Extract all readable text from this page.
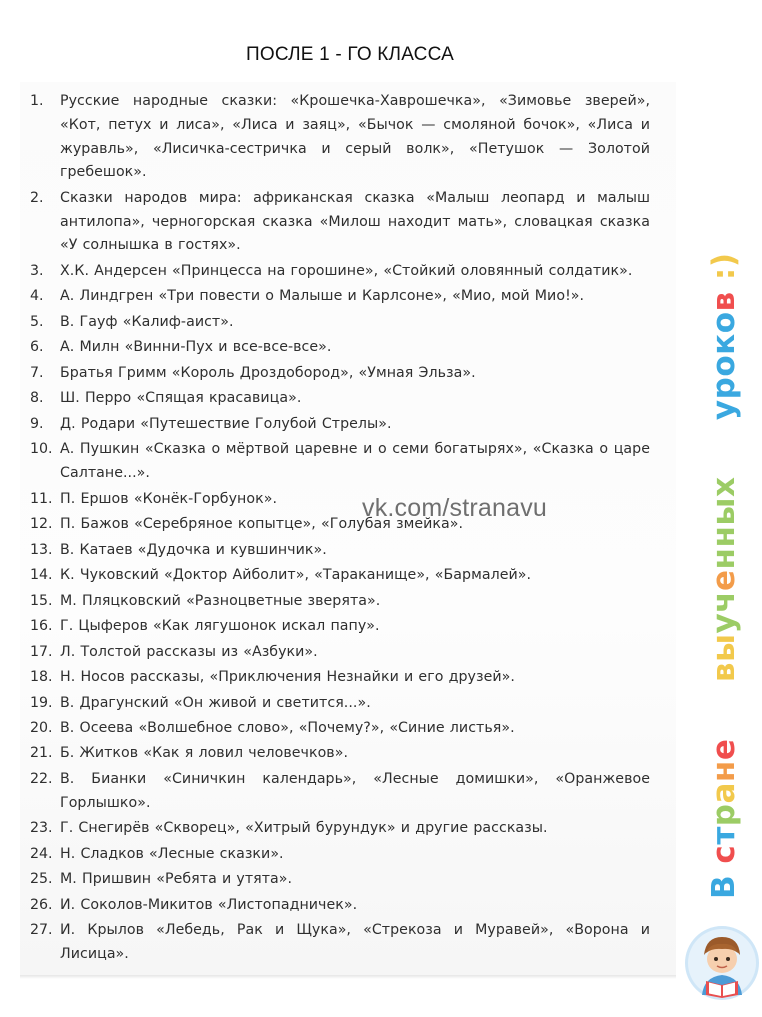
ПОСЛЕ 1 - ГО КЛАССА
1.	Русские народные сказки: «Крошечка-Хаврошечка», «Зимовье зверей», «Кот, петух и лиса», «Лиса и заяц», «Бычок — смоляной бочок», «Лиса и журавль», «Лисичка-сестричка и серый волк», «Петушок — Золотой гребешок».
2.	Сказки народов мира: африканская сказка «Малыш леопард и малыш антилопа», черногорская сказка «Милош находит мать», словацкая сказка «У солнышка в гостях».
3.	Х.К. Андерсен «Принцесса на горошине», «Стойкий оловянный солдатик».
4.	А. Линдгрен «Три повести о Малыше и Карлсоне», «Мио, мой Мио!».
5.	В. Гауф «Калиф-аист».
6.	А. Милн «Винни-Пух и все-все-все».
7.	Братья Гримм «Король Дроздобород», «Умная Эльза».
8.	Ш. Перро «Спящая красавица».
9.	Д. Родари «Путешествие Голубой Стрелы».
10. А. Пушкин «Сказка о мёртвой царевне и о семи богатырях», «Сказка о царе Салтане...».
11. П. Ершов «Конёк-Горбунок».
12. П. Бажов «Серебряное копытце», «Голубая змейка».
13. В. Катаев «Дудочка и кувшинчик».
14. К. Чуковский «Доктор Айболит», «Тараканище», «Бармалей».
15. М. Пляцковский «Разноцветные зверята».
16. Г. Цыферов «Как лягушонок искал папу».
17. Л. Толстой рассказы из «Азбуки».
18. Н. Носов рассказы, «Приключения Незнайки и его друзей».
19. В. Драгунский «Он живой и светится...».
20. В. Осеева «Волшебное слово», «Почему?», «Синие листья».
21. Б. Житков «Как я ловил человечков».
22. В. Бианки «Синичкин календарь», «Лесные домишки», «Оранжевое Горлышко».
23. Г. Снегирёв «Скворец», «Хитрый бурундук» и другие рассказы.
24. Н. Сладков «Лесные сказки».
25. М. Пришвин «Ребята и утята».
26. И. Соколов-Микитов «Листопадничек».
27. И. Крылов «Лебедь, Рак и Щука», «Стрекоза и Муравей», «Ворона и Лисица».
vk.com/stranavu
В стране     выученных     уроков :)
